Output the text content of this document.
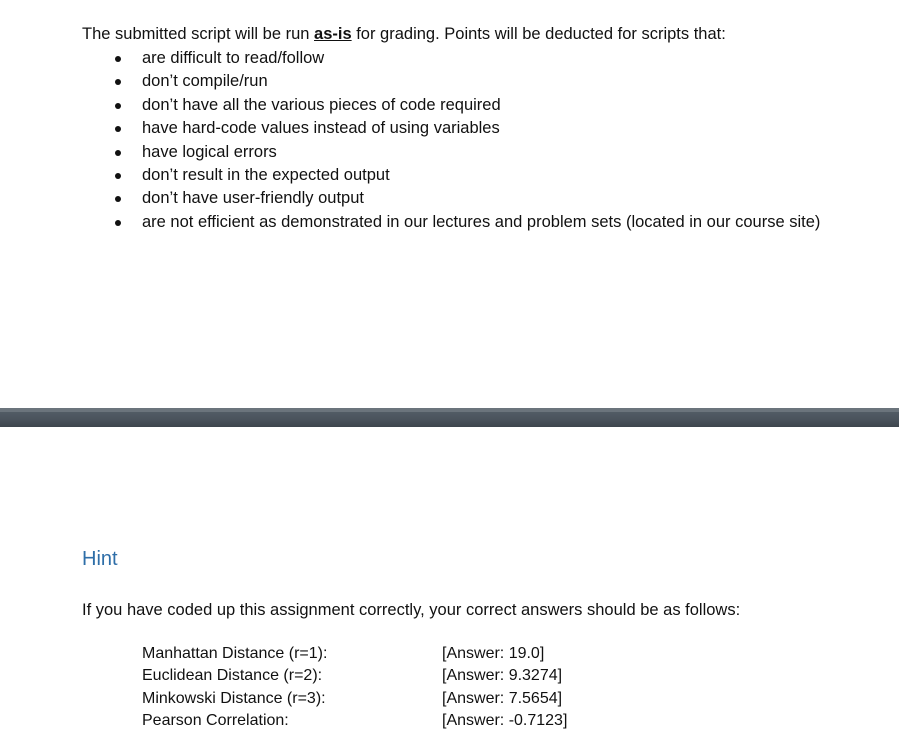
The submitted script will be run as-is for grading. Points will be deducted for scripts that:

are difficult to read/follow
don’t compile/run
don’t have all the various pieces of code required
have hard-code values instead of using variables
have logical errors
don’t result in the expected output
don’t have user-friendly output
are not efficient as demonstrated in our lectures and problem sets (located in our course site)
Hint

If you have coded up this assignment correctly, your correct answers should be as follows:

Manhattan Distance (r=1):	[Answer: 19.0]
Euclidean Distance (r=2):	[Answer: 9.3274]
Minkowski Distance (r=3):	[Answer: 7.5654]
Pearson Correlation:	[Answer: -0.7123]
